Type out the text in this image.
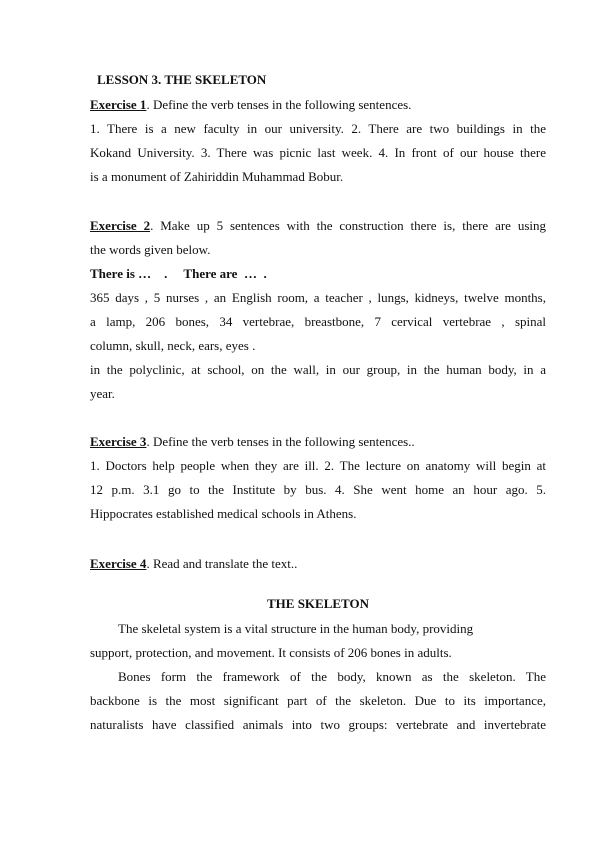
LESSON 3. THE SKELETON
Exercise 1. Define the verb tenses in the following sentences.
1. There is a new faculty in our university. 2. There are two buildings in the
Kokand University. 3. There was picnic last week. 4. In front of our house there
is a monument of Zahiriddin Muhammad Bobur.
Exercise 2. Make up 5 sentences with the construction there is, there are using
the words given below.
There is …    .     There are  …  .
365 days , 5 nurses , an English room, a teacher , lungs, kidneys, twelve months,
a lamp, 206 bones, 34 vertebrae, breastbone, 7 cervical vertebrae , spinal
column, skull, neck, ears, eyes .
in the polyclinic, at school, on the wall, in our group, in the human body, in a
year.
Exercise 3. Define the verb tenses in the following sentences..
1. Doctors help people when they are ill. 2. The lecture on anatomy will begin at
12 p.m. 3.1 go to the Institute by bus. 4. She went home an hour ago. 5.
Hippocrates established medical schools in Athens.
Exercise 4. Read and translate the text..
THE SKELETON
The skeletal system is a vital structure in the human body, providing
support, protection, and movement. It consists of 206 bones in adults.
Bones form the framework of the body, known as the skeleton. The
backbone is the most significant part of the skeleton. Due to its importance,
naturalists have classified animals into two groups: vertebrate and invertebrate
